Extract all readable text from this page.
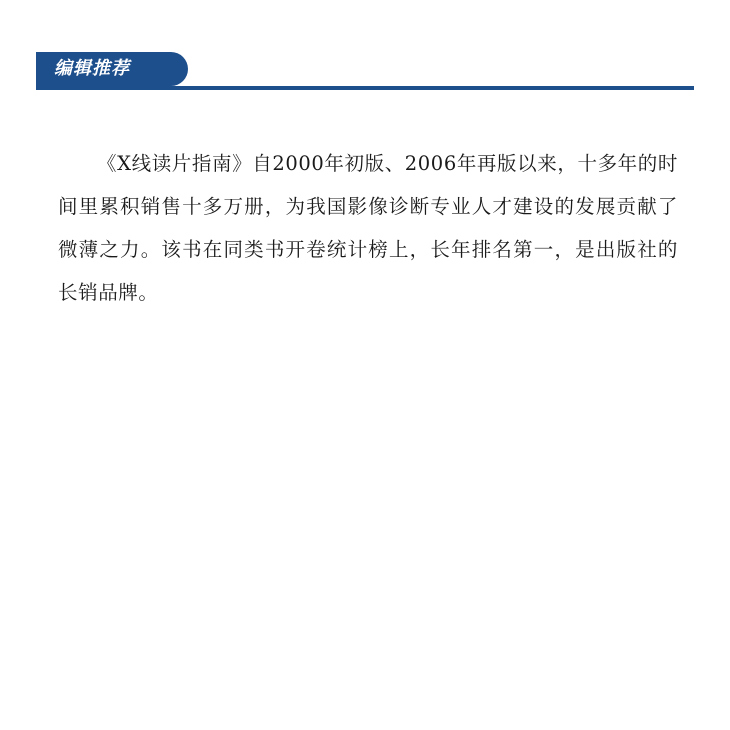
编辑推荐
《X线读片指南》自2000年初版、2006年再版以来，十多年的时间里累积销售十多万册，为我国影像诊断专业人才建设的发展贡献了微薄之力。该书在同类书开卷统计榜上，长年排名第一，是出版社的长销品牌。
